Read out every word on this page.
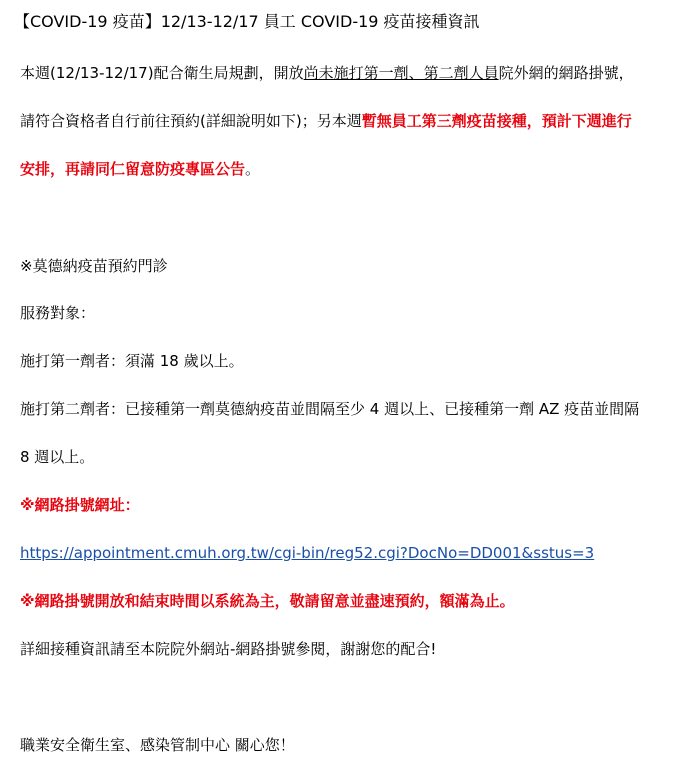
【COVID-19 疫苗】12/13-12/17 員工 COVID-19 疫苗接種資訊
本週(12/13-12/17)配合衛生局規劃，開放尚未施打第一劑、第二劑人員院外網的網路掛號，
請符合資格者自行前往預約(詳細說明如下)；另本週暫無員工第三劑疫苗接種，預計下週進行
安排，再請同仁留意防疫專區公告。
※莫德納疫苗預約門診
服務對象：
施打第一劑者：須滿 18 歲以上。
施打第二劑者：已接種第一劑莫德納疫苗並間隔至少 4 週以上、已接種第一劑 AZ 疫苗並間隔
8 週以上。
※網路掛號網址：
https://appointment.cmuh.org.tw/cgi-bin/reg52.cgi?DocNo=DD001&sstus=3
※網路掛號開放和結束時間以系統為主，敬請留意並盡速預約，額滿為止。
詳細接種資訊請至本院院外網站-網路掛號參閱，謝謝您的配合!
職業安全衛生室、感染管制中心 關心您！
